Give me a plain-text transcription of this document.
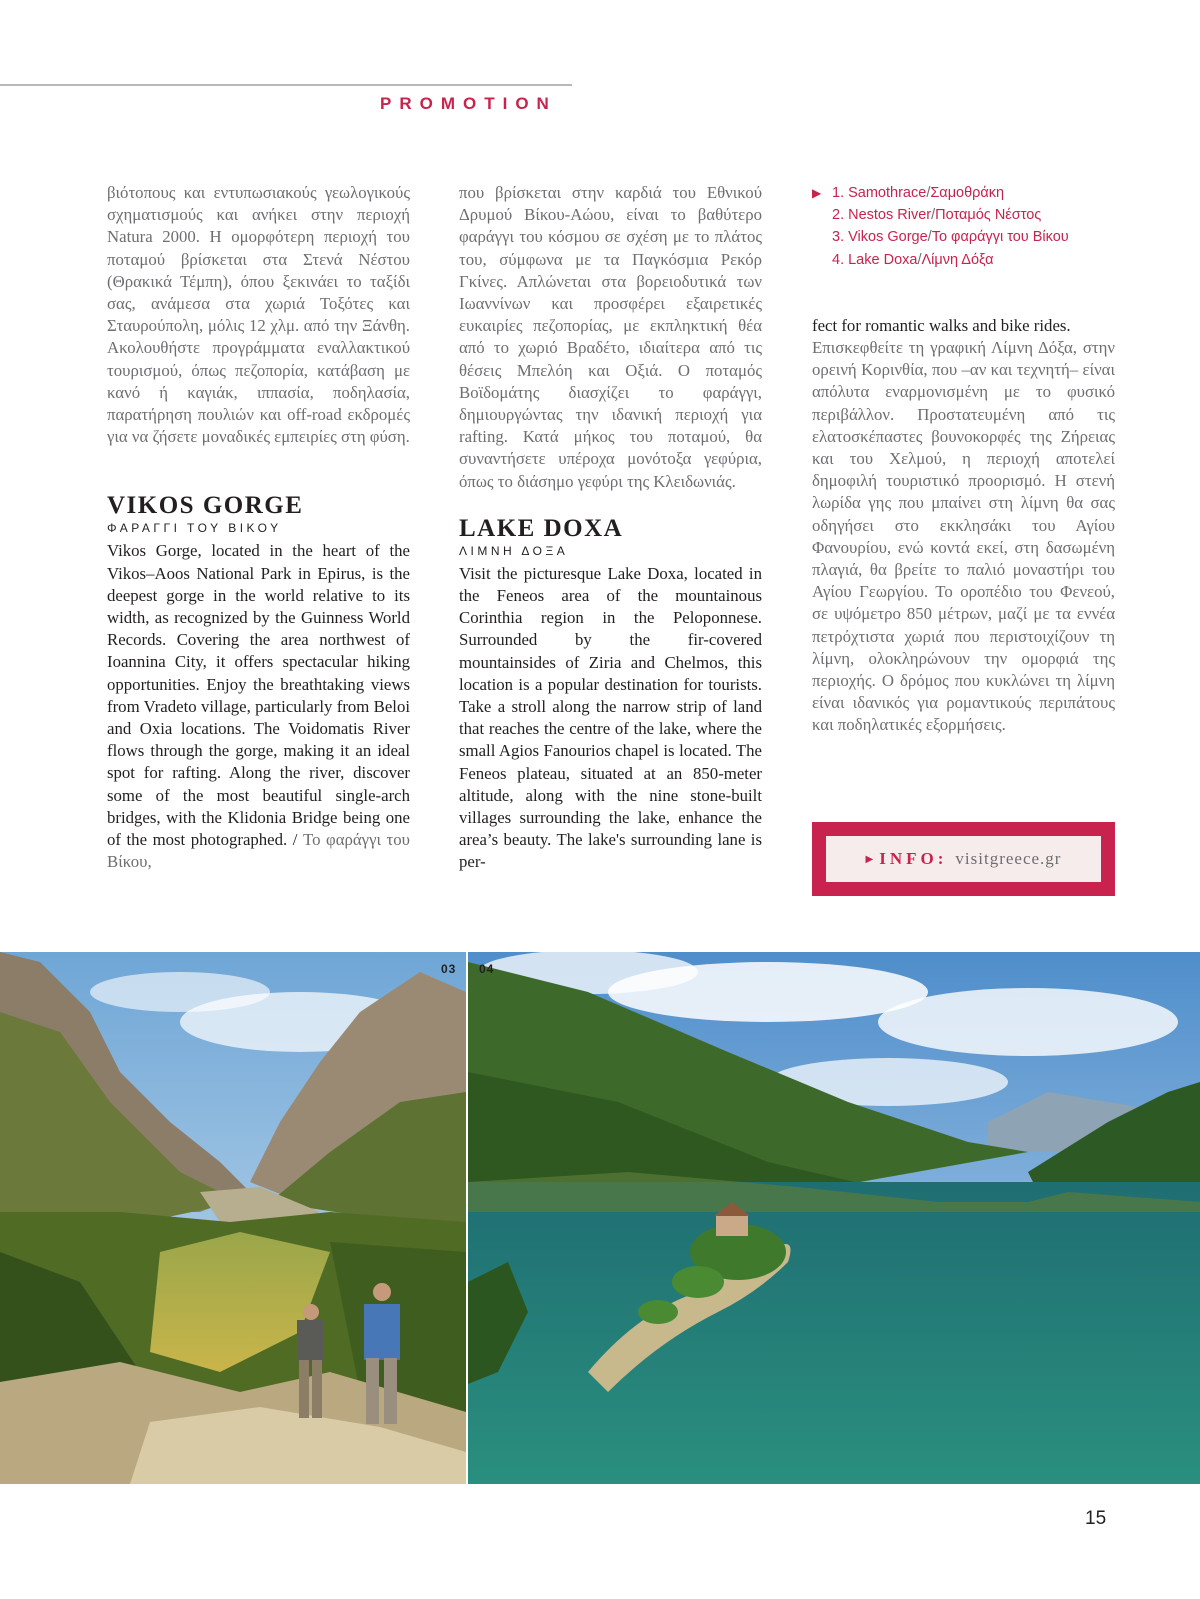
PROMOTION

βιότοπους και εντυπωσιακούς γεωλογικούς σχηματισμούς και ανήκει στην περιοχή Natura 2000. Η ομορφότερη περιοχή του ποταμού βρίσκεται στα Στενά Νέστου (Θρακικά Τέμπη), όπου ξεκινάει το ταξίδι σας, ανάμεσα στα χωριά Τοξότες και Σταυρούπολη, μόλις 12 χλμ. από την Ξάνθη. Ακολουθήστε προγράμματα εναλλακτικού τουρισμού, όπως πεζοπορία, κατάβαση με κανό ή καγιάκ, ιππασία, ποδηλασία, παρατήρηση πουλιών και off-road εκδρομές για να ζήσετε μοναδικές εμπειρίες στη φύση.

VIKOS GORGE
ΦΑΡΑΓΓΙ ΤΟΥ ΒΙΚΟΥ

Vikos Gorge, located in the heart of the Vikos–Aoos National Park in Epirus, is the deepest gorge in the world relative to its width, as recognized by the Guinness World Records. Covering the area northwest of Ioannina City, it offers spectacular hiking opportunities. Enjoy the breathtaking views from Vradeto village, particularly from Beloi and Oxia locations. The Voidomatis River flows through the gorge, making it an ideal spot for rafting. Along the river, discover some of the most beautiful single-arch bridges, with the Klidonia Bridge being one of the most photographed. / Το φαράγγι του Βίκου,

που βρίσκεται στην καρδιά του Εθνικού Δρυμού Βίκου-Αώου, είναι το βαθύτερο φαράγγι του κόσμου σε σχέση με το πλάτος του, σύμφωνα με τα Παγκόσμια Ρεκόρ Γκίνες. Απλώνεται στα βορειοδυτικά των Ιωαννίνων και προσφέρει εξαιρετικές ευκαιρίες πεζοπορίας, με εκπληκτική θέα από το χωριό Βραδέτο, ιδιαίτερα από τις θέσεις Μπελόη και Οξιά. Ο ποταμός Βοϊδομάτης διασχίζει το φαράγγι, δημιουργώντας την ιδανική περιοχή για rafting. Κατά μήκος του ποταμού, θα συναντήσετε υπέροχα μονότοξα γεφύρια, όπως το διάσημο γεφύρι της Κλειδωνιάς.

LAKE DOXA
ΛΙΜΝΗ ΔΟΞΑ

Visit the picturesque Lake Doxa, located in the Feneos area of the mountainous Corinthia region in the Peloponnese. Surrounded by the fir-covered mountainsides of Ziria and Chelmos, this location is a popular destination for tourists. Take a stroll along the narrow strip of land that reaches the centre of the lake, where the small Agios Fanourios chapel is located. The Feneos plateau, situated at an 850-meter altitude, along with the nine stone-built villages surrounding the lake, enhance the area’s beauty. The lake's surrounding lane is per-

▶ 1. Samothrace / Σαμοθράκη
2. Nestos River / Ποταμός Νέστος
3. Vikos Gorge / Το φαράγγι του Βίκου
4. Lake Doxa / Λίμνη Δόξα

fect for romantic walks and bike rides.

Επισκεφθείτε τη γραφική Λίμνη Δόξα, στην ορεινή Κορινθία, που –αν και τεχνητή– είναι απόλυτα εναρμονισμένη με το φυσικό περιβάλλον. Προστατευμένη από τις ελατοσκέπαστες βουνοκορφές της Ζήρειας και του Χελμού, η περιοχή αποτελεί δημοφιλή τουριστικό προορισμό. Η στενή λωρίδα γης που μπαίνει στη λίμνη θα σας οδηγήσει στο εκκλησάκι του Αγίου Φανουρίου, ενώ κοντά εκεί, στη δασωμένη πλαγιά, θα βρείτε το παλιό μοναστήρι του Αγίου Γεωργίου. Το οροπέδιο του Φενεού, σε υψόμετρο 850 μέτρων, μαζί με τα εννέα πετρόχτιστα χωριά που περιστοιχίζουν τη λίμνη, ολοκληρώνουν την ομορφιά της περιοχής. Ο δρόμος που κυκλώνει τη λίμνη είναι ιδανικός για ρομαντικούς περιπάτους και ποδηλατικές εξορμήσεις.

▶ INFO: visitgreece.gr
03 04
15
